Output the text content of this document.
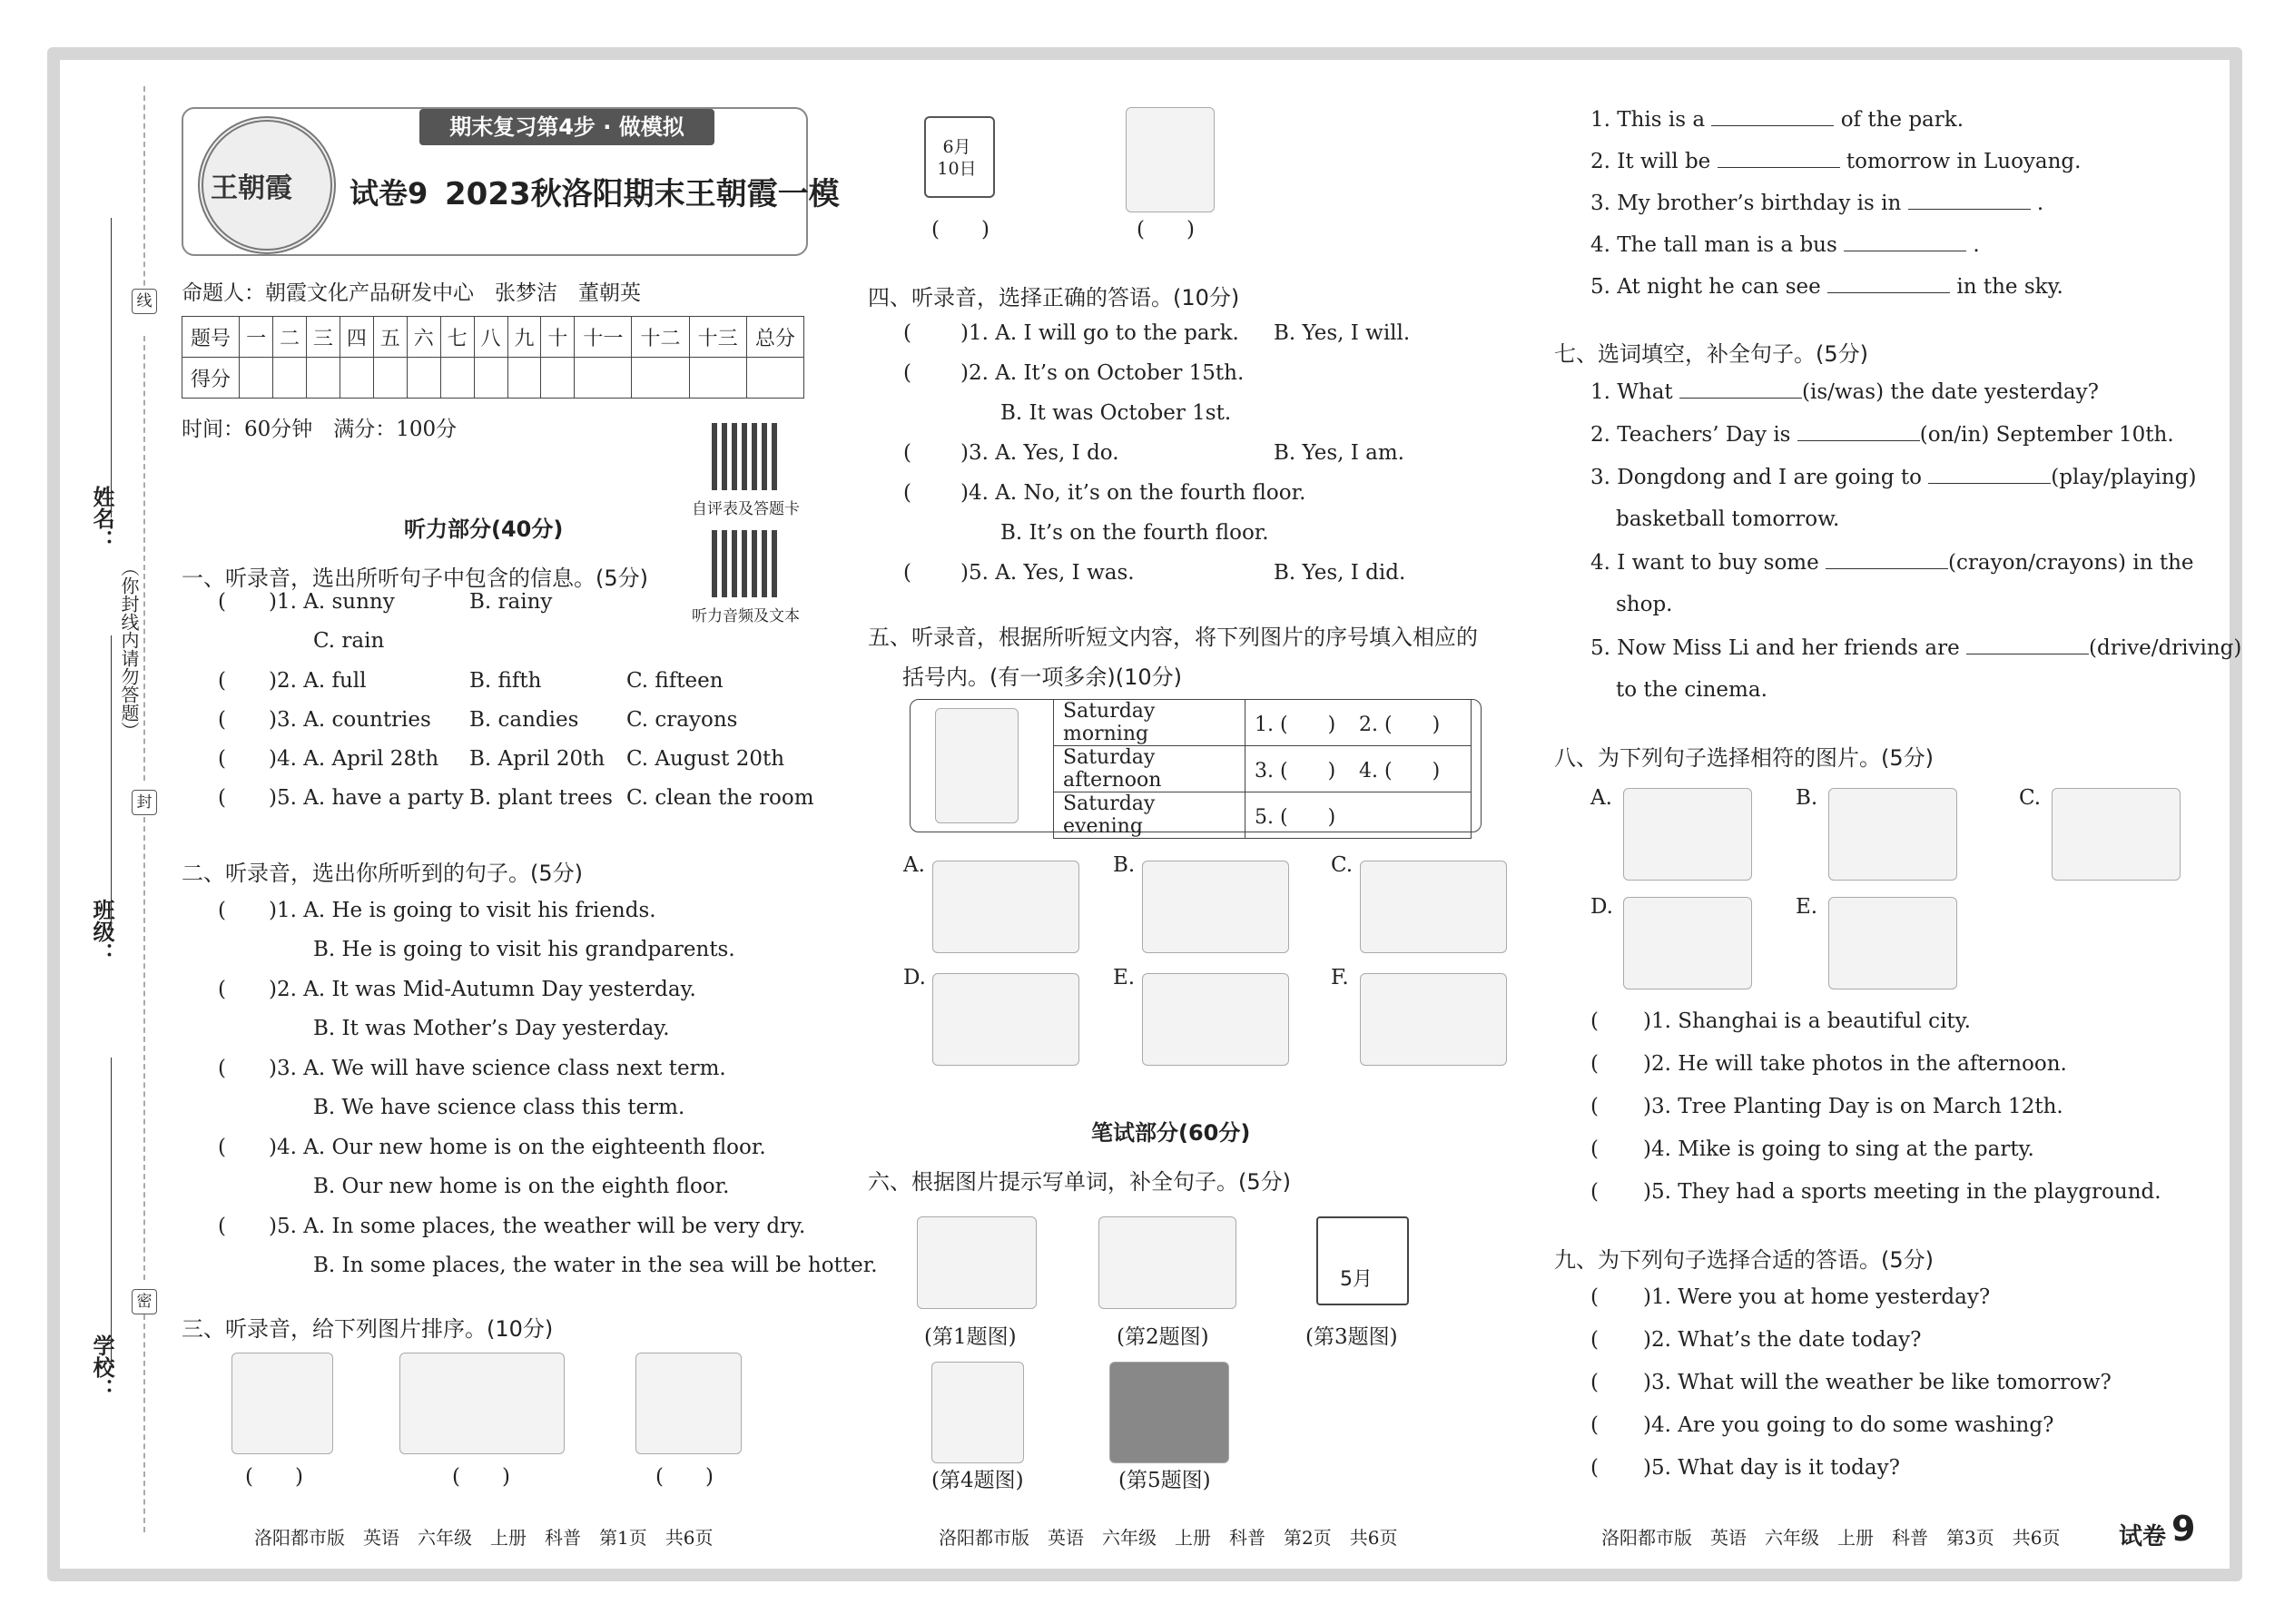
线
封
密
姓名：
班级：
学校：
（你封线内请勿答题）
期末复习第4步 · 做模拟
王朝霞 试卷9 2023秋洛阳期末王朝霞一模
命题人：朝霞文化产品研发中心　张梦洁　董朝英
题号	一	二	三	四	五	六	七	八	九	十	十一	十二	十三	总分
得分														
时间：60分钟　满分：100分
自评表及答题卡
听力音频及文本
听力部分(40分)
一、听录音，选出所听句子中包含的信息。(5分)
二、听录音，选出你所听到的句子。(5分)
三、听录音，给下列图片排序。(10分)
(　　)	(　　)	(　　)
6月
10日
(　　)	(　　)
四、听录音，选择正确的答语。(10分)
五、听录音，根据所听短文内容，将下列图片的序号填入相应的
括号内。(有一项多余)(10分)
Saturday morning	1. (　　) 2. (　　)
Saturday afternoon	3. (　　) 4. (　　)
Saturday evening	5. (　　)
笔试部分(60分)
六、根据图片提示写单词，补全句子。(5分)
5月
七、选词填空，补全句子。(5分)
八、为下列句子选择相符的图片。(5分)
九、为下列句子选择合适的答语。(5分)
洛阳都市版　英语　六年级　上册　科普　第1页　共6页	洛阳都市版　英语　六年级　上册　科普　第2页　共6页	洛阳都市版　英语　六年级　上册　科普　第3页　共6页 试卷 9
( )1. A. sunny	B. rainy
C. rain
( )2. A. full	B. fifth	C. fifteen
( )3. A. countries B. candies C. crayons
( )4. A. April 28th B. April 20th C. August 20th
( )5. A. have a party B. plant trees C. clean the room
( )1. A. He is going to visit his friends.
B. He is going to visit his grandparents.
( )2. A. It was Mid-Autumn Day yesterday.
B. It was Mother’s Day yesterday.
( )3. A. We will have science class next term.
B. We have science class this term.
( )4. A. Our new home is on the eighteenth floor.
B. Our new home is on the eighth floor.
( )5. A. In some places, the weather will be very dry.
B. In some places, the water in the sea will be hotter.
( )1. A. I will go to the park. B. Yes, I will.
( )2. A. It’s on October 15th.
B. It was October 1st.
( )3. A. Yes, I do.	B. Yes, I am.
( )4. A. No, it’s on the fourth floor.
B. It’s on the fourth floor.
( )5. A. Yes, I was.	B. Yes, I did.
A.	B.	C.
D.	E.	F.
(第1题图)	(第2题图)	(第3题图)
(第4题图)	(第5题图)
1. This is a	of the park.
2. It will be	tomorrow in Luoyang.
3. My brother’s birthday is in	.
4. The tall man is a bus	.
5. At night he can see	in the sky.
1. What	(is/was) the date yesterday?
2. Teachers’ Day is	(on/in) September 10th.
3. Dongdong and I are going to	(play/playing)
basketball tomorrow.
4. I want to buy some	(crayon/crayons) in the
shop.
5. Now Miss Li and her friends are	(drive/driving)
to the cinema.
A.	B.	C.
D.	E.
( )1. Shanghai is a beautiful city.
( )2. He will take photos in the afternoon.
( )3. Tree Planting Day is on March 12th.
( )4. Mike is going to sing at the party.
( )5. They had a sports meeting in the playground.
( )1. Were you at home yesterday?
( )2. What’s the date today?
( )3. What will the weather be like tomorrow?
( )4. Are you going to do some washing?
( )5. What day is it today?
